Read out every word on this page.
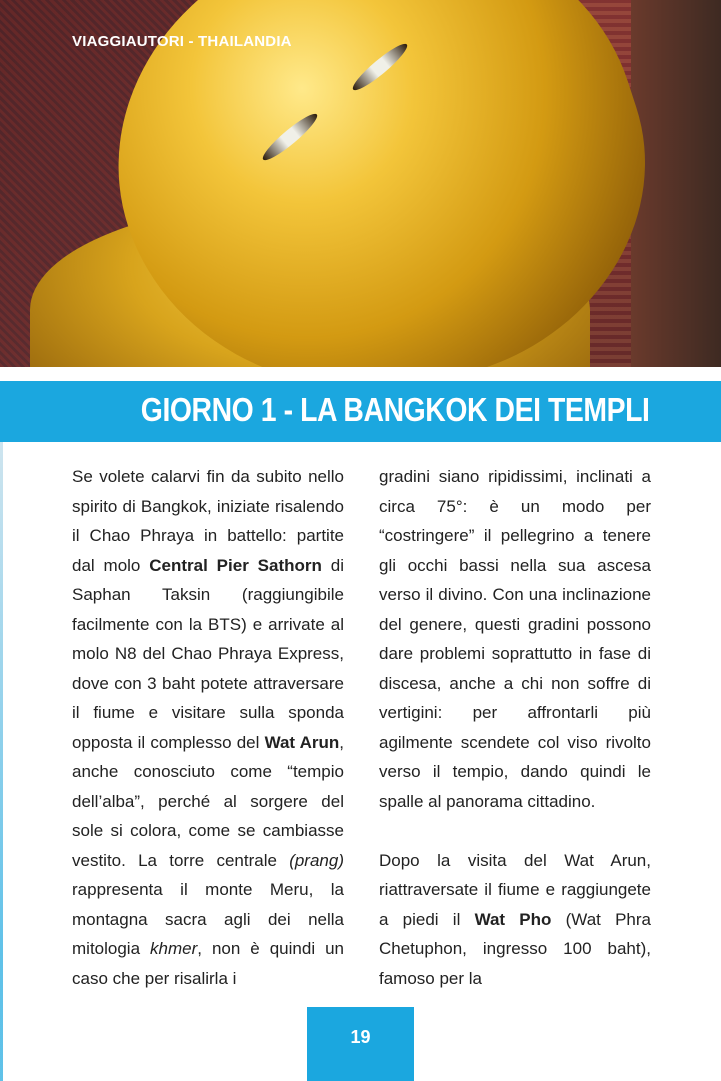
VIAGGIAUTORI - THAILANDIA
GIORNO 1 - LA BANGKOK DEI TEMPLI

Se volete calarvi fin da subito nello spirito di Bangkok, iniziate risalendo il Chao Phraya in battello: partite dal molo Central Pier Sathorn di Saphan Taksin (raggiungibile facilmente con la BTS) e arrivate al molo N8 del Chao Phraya Express, dove con 3 baht potete attraversare il fiume e visitare sulla sponda opposta il complesso del Wat Arun, anche conosciuto come “tempio dell’alba”, perché al sorgere del sole si colora, come se cambiasse vestito. La torre centrale (prang) rappresenta il monte Meru, la montagna sacra agli dei nella mitologia khmer, non è quindi un caso che per risalirla i

gradini siano ripidissimi, inclinati a circa 75°: è un modo per “costringere” il pellegrino a tenere gli occhi bassi nella sua ascesa verso il divino. Con una inclinazione del genere, questi gradini possono dare problemi soprattutto in fase di discesa, anche a chi non soffre di vertigini: per affrontarli più agilmente scendete col viso rivolto verso il tempio, dando quindi le spalle al panorama cittadino.

Dopo la visita del Wat Arun, riattraversate il fiume e raggiungete a piedi il Wat Pho (Wat Phra Chetuphon, ingresso 100 baht), famoso per la

19
